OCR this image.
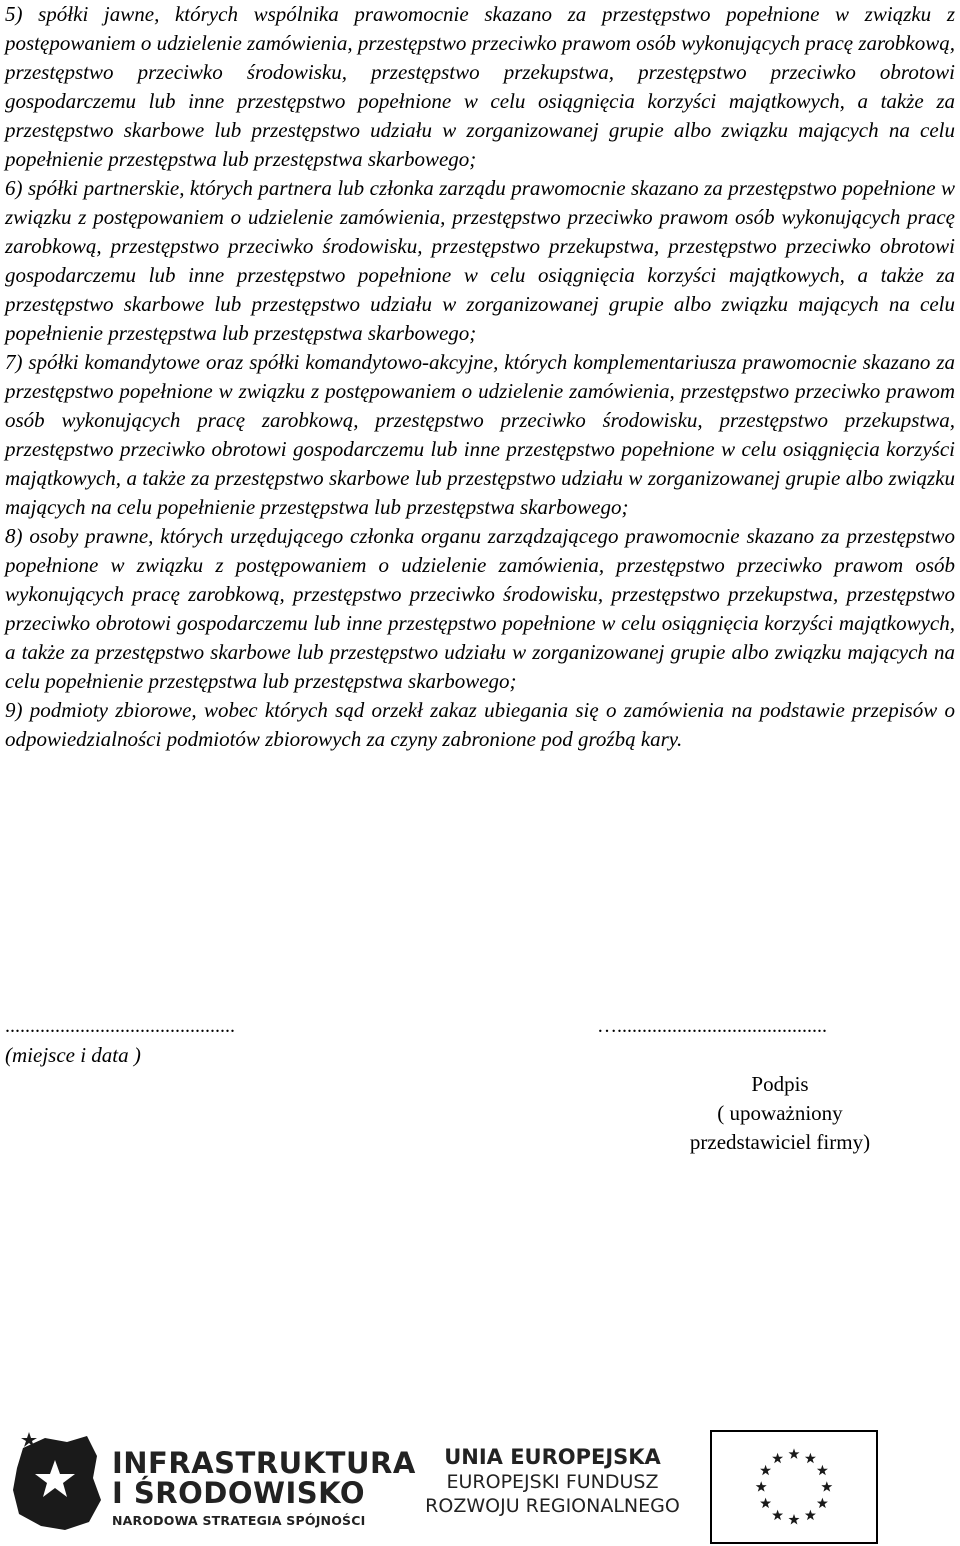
5) spółki jawne, których wspólnika prawomocnie skazano za przestępstwo popełnione w związku z postępowaniem o udzielenie zamówienia, przestępstwo przeciwko prawom osób wykonujących pracę zarobkową, przestępstwo przeciwko środowisku, przestępstwo przekupstwa, przestępstwo przeciwko obrotowi gospodarczemu lub inne przestępstwo popełnione w celu osiągnięcia korzyści majątkowych, a także za przestępstwo skarbowe lub przestępstwo udziału w zorganizowanej grupie albo związku mających na celu popełnienie przestępstwa lub przestępstwa skarbowego;

6) spółki partnerskie, których partnera lub członka zarządu prawomocnie skazano za przestępstwo popełnione w związku z postępowaniem o udzielenie zamówienia, przestępstwo przeciwko prawom osób wykonujących pracę zarobkową, przestępstwo przeciwko środowisku, przestępstwo przekupstwa, przestępstwo przeciwko obrotowi gospodarczemu lub inne przestępstwo popełnione w celu osiągnięcia korzyści majątkowych, a także za przestępstwo skarbowe lub przestępstwo udziału w zorganizowanej grupie albo związku mających na celu popełnienie przestępstwa lub przestępstwa skarbowego;

7) spółki komandytowe oraz spółki komandytowo-akcyjne, których komplementariusza prawomocnie skazano za przestępstwo popełnione w związku z postępowaniem o udzielenie zamówienia, przestępstwo przeciwko prawom osób wykonujących pracę zarobkową, przestępstwo przeciwko środowisku, przestępstwo przekupstwa, przestępstwo przeciwko obrotowi gospodarczemu lub inne przestępstwo popełnione w celu osiągnięcia korzyści majątkowych, a także za przestępstwo skarbowe lub przestępstwo udziału w zorganizowanej grupie albo związku mających na celu popełnienie przestępstwa lub przestępstwa skarbowego;

8) osoby prawne, których urzędującego członka organu zarządzającego prawomocnie skazano za przestępstwo popełnione w związku z postępowaniem o udzielenie zamówienia, przestępstwo przeciwko prawom osób wykonujących pracę zarobkową, przestępstwo przeciwko środowisku, przestępstwo przekupstwa, przestępstwo przeciwko obrotowi gospodarczemu lub inne przestępstwo popełnione w celu osiągnięcia korzyści majątkowych, a także za przestępstwo skarbowe lub przestępstwo udziału w zorganizowanej grupie albo związku mających na celu popełnienie przestępstwa lub przestępstwa skarbowego;

9) podmioty zbiorowe, wobec których sąd orzekł zakaz ubiegania się o zamówienia na podstawie przepisów o odpowiedzialności podmiotów zbiorowych za czyny zabronione pod groźbą kary.

..............................................	…..........................................
(miejsce i data )
Podpis
( upoważniony
przedstawiciel firmy)
INFRASTRUKTURA
I ŚRODOWISKO
NARODOWA STRATEGIA SPÓJNOŚCI
UNIA EUROPEJSKA
EUROPEJSKI FUNDUSZ
ROZWOJU REGIONALNEGO
